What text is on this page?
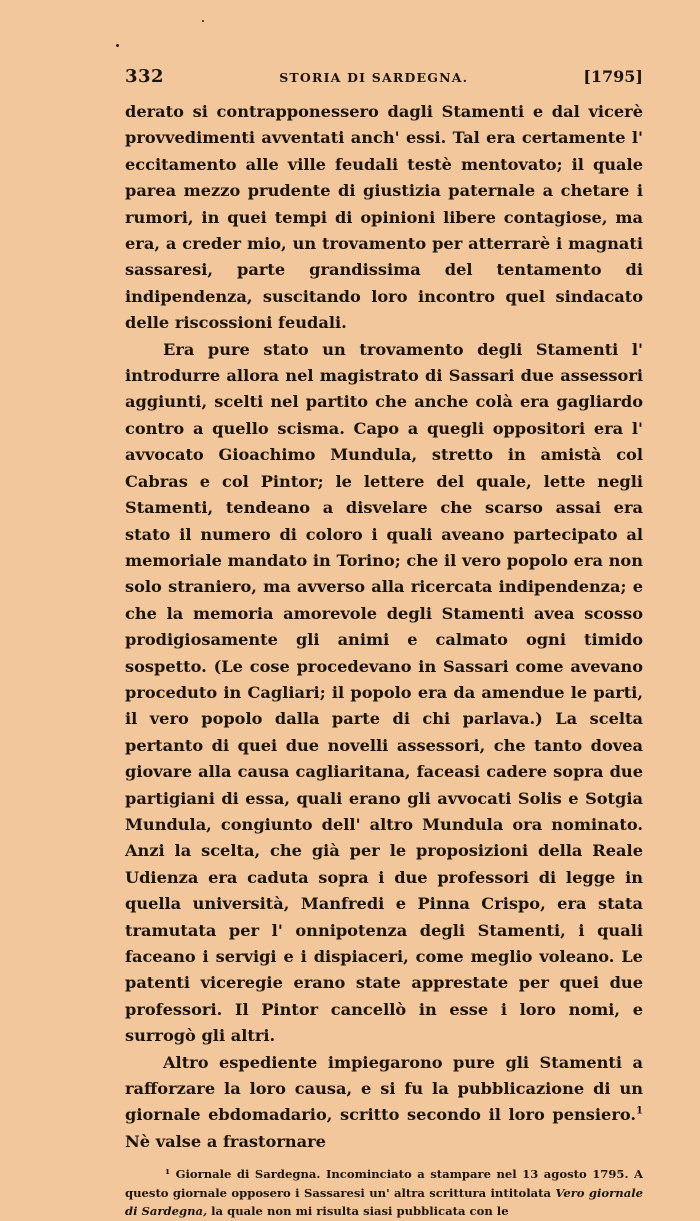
332	STORIA DI SARDEGNA.	[1795]

derato si contrapponessero dagli Stamenti e dal vicerè provvedimenti avventati anch' essi. Tal era certamente l' eccitamento alle ville feudali testè mentovato; il quale parea mezzo prudente di giustizia paternale a chetare i rumori, in quei tempi di opinioni libere contagiose, ma era, a creder mio, un trovamento per atterrarè i magnati sassaresi, parte grandissima del tentamento di indipendenza, suscitando loro incontro quel sindacato delle riscossioni feudali.

Era pure stato un trovamento degli Stamenti l' introdurre allora nel magistrato di Sassari due assessori aggiunti, scelti nel partito che anche colà era gagliardo contro a quello scisma. Capo a quegli oppositori era l' avvocato Gioachimo Mundula, stretto in amistà col Cabras e col Pintor; le lettere del quale, lette negli Stamenti, tendeano a disvelare che scarso assai era stato il numero di coloro i quali aveano partecipato al memoriale mandato in Torino; che il vero popolo era non solo straniero, ma avverso alla ricercata indipendenza; e che la memoria amorevole degli Stamenti avea scosso prodigiosamente gli animi e calmato ogni timido sospetto. (Le cose procedevano in Sassari come avevano proceduto in Cagliari; il popolo era da amendue le parti, il vero popolo dalla parte di chi parlava.) La scelta pertanto di quei due novelli assessori, che tanto dovea giovare alla causa cagliaritana, faceasi cadere sopra due partigiani di essa, quali erano gli avvocati Solis e Sotgia Mundula, congiunto dell' altro Mundula ora nominato. Anzi la scelta, che già per le proposizioni della Reale Udienza era caduta sopra i due professori di legge in quella università, Manfredi e Pinna Crispo, era stata tramutata per l' onnipotenza degli Stamenti, i quali faceano i servigi e i dispiaceri, come meglio voleano. Le patenti viceregie erano state apprestate per quei due professori. Il Pintor cancellò in esse i loro nomi, e surrogò gli altri.

Altro espediente impiegarono pure gli Stamenti a rafforzare la loro causa, e si fu la pubblicazione di un giornale ebdomadario, scritto secondo il loro pensiero.$^1$ Nè valse a frastornare

¹ Giornale di Sardegna. Incominciato a stampare nel 13 agosto 1795. A questo giornale opposero i Sassaresi un' altra scrittura intitolata Vero giornale di Sardegna, la quale non mi risulta siasi pubblicata con le
